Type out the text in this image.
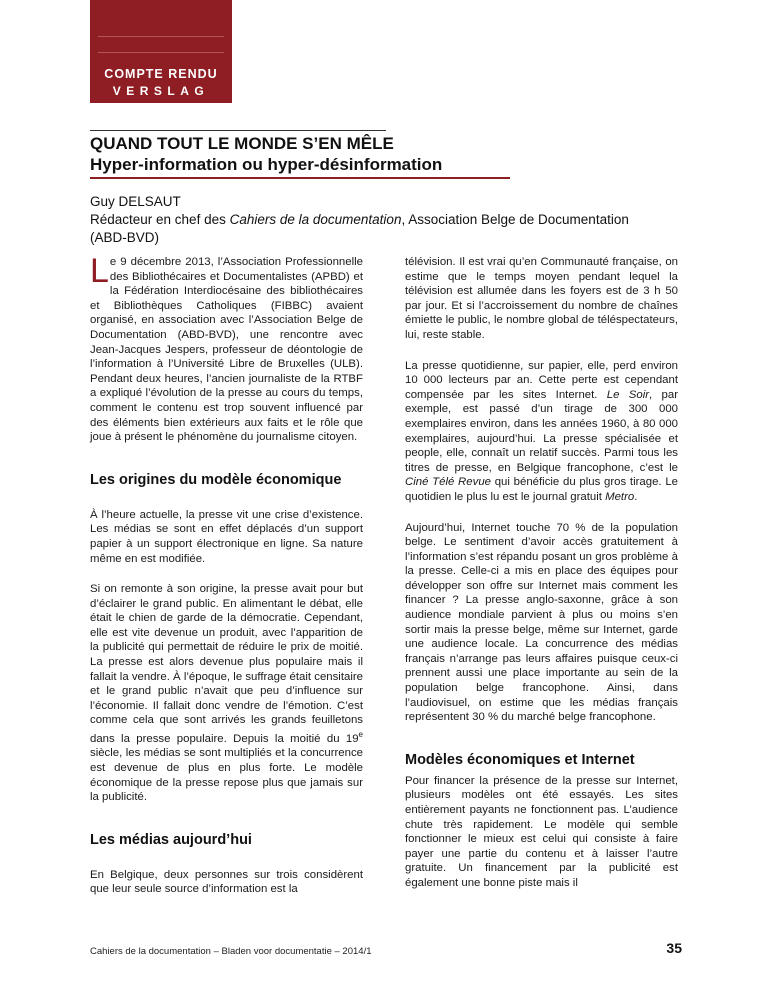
COMPTE RENDU
VERSLAG
QUAND TOUT LE MONDE S’EN MÊLE
Hyper-information ou hyper-désinformation
Guy DELSAUT
Rédacteur en chef des Cahiers de la documentation, Association Belge de Documentation (ABD-BVD)

Le 9 décembre 2013, l’Association Professionnelle des Bibliothécaires et Documentalistes (APBD) et la Fédération Interdiocésaine des bibliothécaires et Bibliothèques Catholiques (FIBBC) avaient organisé, en association avec l’Association Belge de Documentation (ABD-BVD), une rencontre avec Jean-Jacques Jespers, professeur de déontologie de l’information à l’Université Libre de Bruxelles (ULB). Pendant deux heures, l’ancien journaliste de la RTBF a expliqué l’évolution de la presse au cours du temps, comment le contenu est trop souvent influencé par des éléments bien extérieurs aux faits et le rôle que joue à présent le phénomène du journalisme citoyen.

Les origines du modèle économique

À l’heure actuelle, la presse vit une crise d’existence. Les médias se sont en effet déplacés d’un support papier à un support électronique en ligne. Sa nature même en est modifiée.

Si on remonte à son origine, la presse avait pour but d’éclairer le grand public. En alimentant le débat, elle était le chien de garde de la démocratie. Cependant, elle est vite devenue un produit, avec l’apparition de la publicité qui permettait de réduire le prix de moitié. La presse est alors devenue plus populaire mais il fallait la vendre. À l’époque, le suffrage était censitaire et le grand public n’avait que peu d’influence sur l’économie. Il fallait donc vendre de l’émotion. C’est comme cela que sont arrivés les grands feuilletons dans la presse populaire. Depuis la moitié du 19e siècle, les médias se sont multipliés et la concurrence est devenue de plus en plus forte. Le modèle économique de la presse repose plus que jamais sur la publicité.

Les médias aujourd’hui

En Belgique, deux personnes sur trois considèrent que leur seule source d’information est la

télévision. Il est vrai qu’en Communauté française, on estime que le temps moyen pendant lequel la télévision est allumée dans les foyers est de 3 h 50 par jour. Et si l’accroissement du nombre de chaînes émiette le public, le nombre global de téléspectateurs, lui, reste stable.

La presse quotidienne, sur papier, elle, perd environ 10 000 lecteurs par an. Cette perte est cependant compensée par les sites Internet. Le Soir, par exemple, est passé d’un tirage de 300 000 exemplaires environ, dans les années 1960, à 80 000 exemplaires, aujourd’hui. La presse spécialisée et people, elle, connaît un relatif succès. Parmi tous les titres de presse, en Belgique francophone, c’est le Ciné Télé Revue qui bénéficie du plus gros tirage. Le quotidien le plus lu est le journal gratuit Metro.

Aujourd’hui, Internet touche 70 % de la population belge. Le sentiment d’avoir accès gratuitement à l’information s’est répandu posant un gros problème à la presse. Celle-ci a mis en place des équipes pour développer son offre sur Internet mais comment les financer ? La presse anglo-saxonne, grâce à son audience mondiale parvient à plus ou moins s’en sortir mais la presse belge, même sur Internet, garde une audience locale. La concurrence des médias français n’arrange pas leurs affaires puisque ceux-ci prennent aussi une place importante au sein de la population belge francophone. Ainsi, dans l’audiovisuel, on estime que les médias français représentent 30 % du marché belge francophone.

Modèles économiques et Internet

Pour financer la présence de la presse sur Internet, plusieurs modèles ont été essayés. Les sites entièrement payants ne fonctionnent pas. L’audience chute très rapidement. Le modèle qui semble fonctionner le mieux est celui qui consiste à faire payer une partie du contenu et à laisser l’autre gratuite. Un financement par la publicité est également une bonne piste mais il

Cahiers de la documentation – Bladen voor documentatie – 2014/1	35
